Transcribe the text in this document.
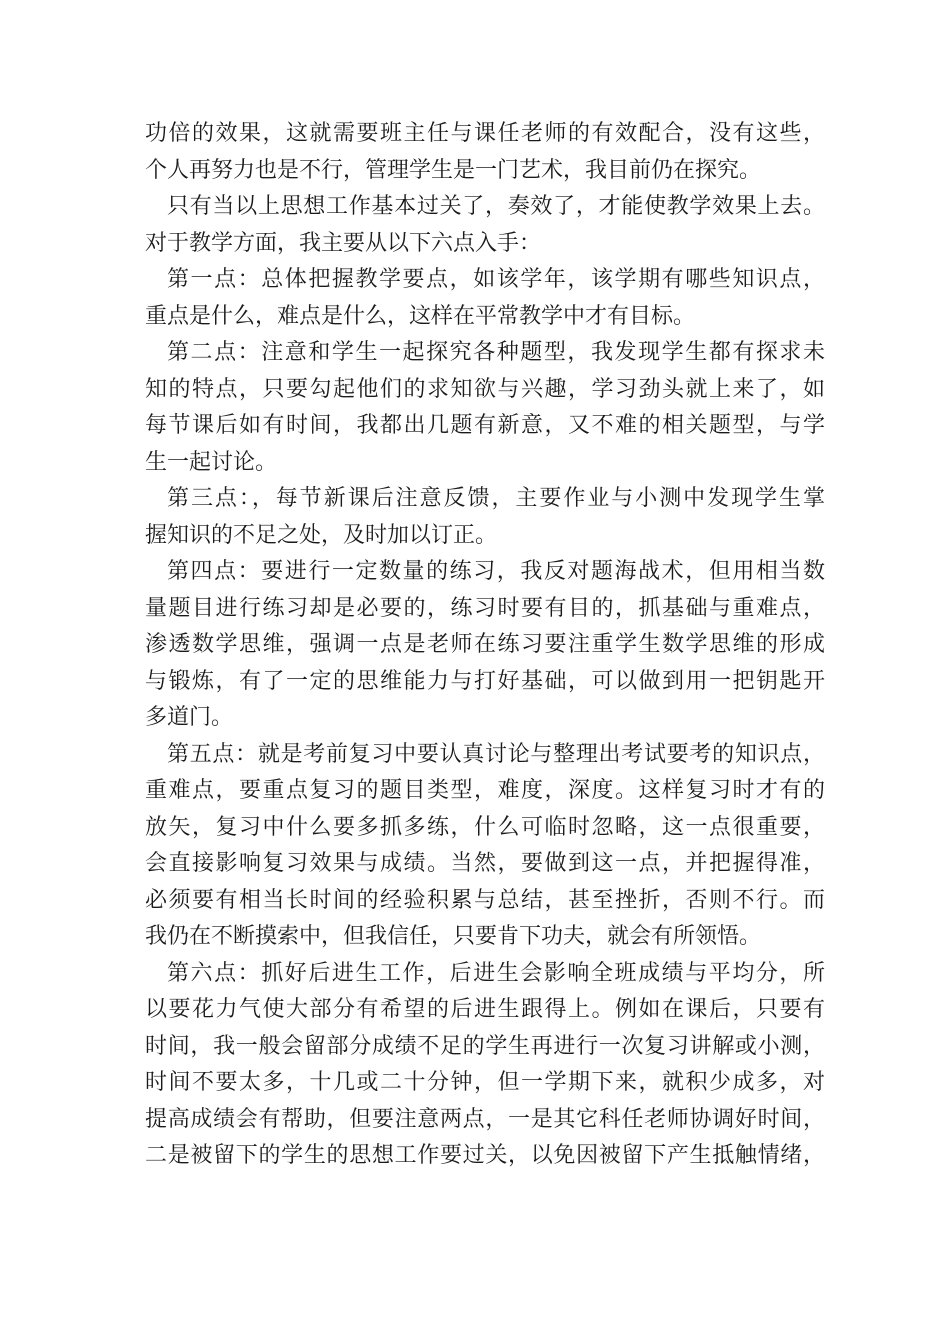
功倍的效果，这就需要班主任与课任老师的有效配合，没有这些，
个人再努力也是不行，管理学生是一门艺术，我目前仍在探究。
只有当以上思想工作基本过关了，奏效了，才能使教学效果上去。
对于教学方面，我主要从以下六点入手：
第一点：总体把握教学要点，如该学年，该学期有哪些知识点，
重点是什么，难点是什么，这样在平常教学中才有目标。
第二点：注意和学生一起探究各种题型，我发现学生都有探求未
知的特点，只要勾起他们的求知欲与兴趣，学习劲头就上来了，如
每节课后如有时间，我都出几题有新意，又不难的相关题型，与学
生一起讨论。
第三点：，每节新课后注意反馈，主要作业与小测中发现学生掌
握知识的不足之处，及时加以订正。
第四点：要进行一定数量的练习，我反对题海战术，但用相当数
量题目进行练习却是必要的，练习时要有目的，抓基础与重难点，
渗透数学思维，强调一点是老师在练习要注重学生数学思维的形成
与锻炼，有了一定的思维能力与打好基础，可以做到用一把钥匙开
多道门。
第五点：就是考前复习中要认真讨论与整理出考试要考的知识点，
重难点，要重点复习的题目类型，难度，深度。这样复习时才有的
放矢，复习中什么要多抓多练，什么可临时忽略，这一点很重要，
会直接影响复习效果与成绩。当然，要做到这一点，并把握得准，
必须要有相当长时间的经验积累与总结，甚至挫折，否则不行。而
我仍在不断摸索中，但我信任，只要肯下功夫，就会有所领悟。
第六点：抓好后进生工作，后进生会影响全班成绩与平均分，所
以要花力气使大部分有希望的后进生跟得上。例如在课后，只要有
时间，我一般会留部分成绩不足的学生再进行一次复习讲解或小测，
时间不要太多，十几或二十分钟，但一学期下来，就积少成多，对
提高成绩会有帮助，但要注意两点，一是其它科任老师协调好时间，
二是被留下的学生的思想工作要过关，以免因被留下产生抵触情绪，
